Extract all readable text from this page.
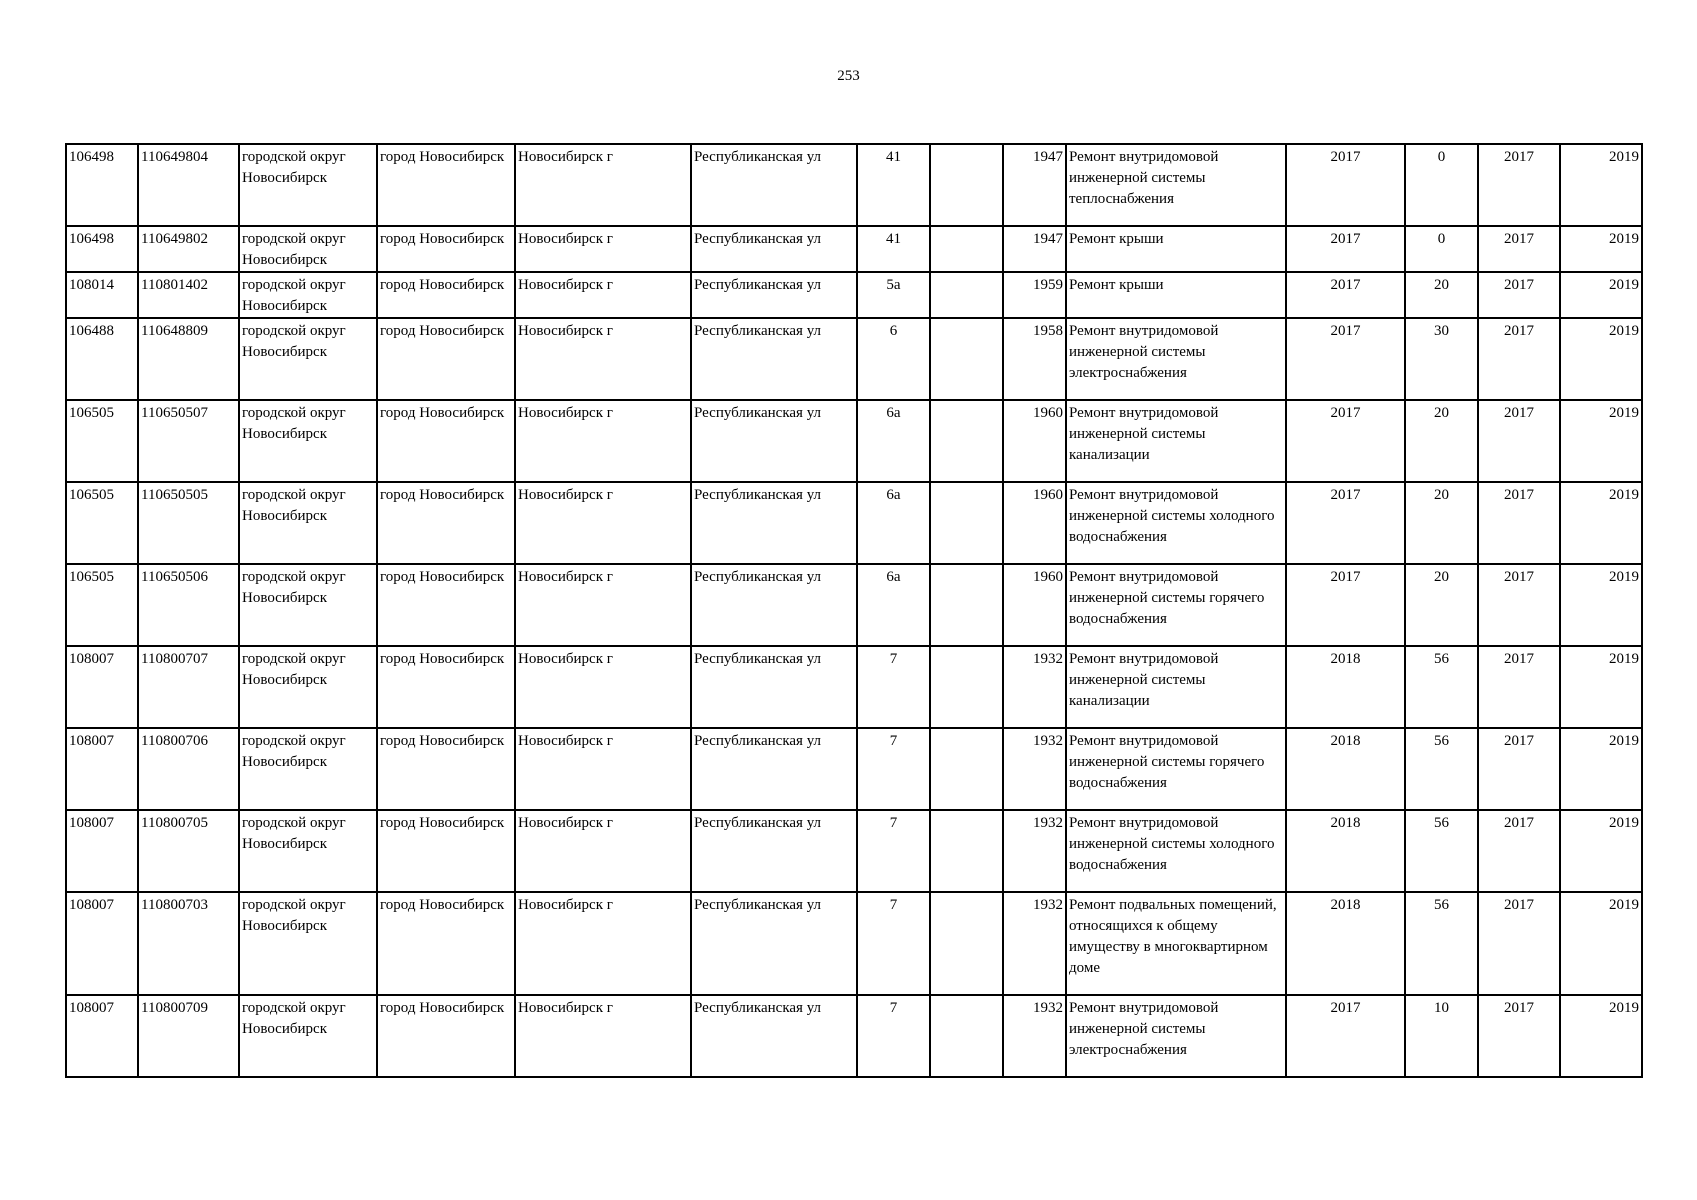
253
106498	110649804	городской округ Новосибирск	город Новосибирск	Новосибирск г	Республиканская ул	41		1947	Ремонт внутридомовой инженерной системы теплоснабжения	2017	0	2017	2019
106498	110649802	городской округ Новосибирск	город Новосибирск	Новосибирск г	Республиканская ул	41		1947	Ремонт крыши	2017	0	2017	2019
108014	110801402	городской округ Новосибирск	город Новосибирск	Новосибирск г	Республиканская ул	5а		1959	Ремонт крыши	2017	20	2017	2019
106488	110648809	городской округ Новосибирск	город Новосибирск	Новосибирск г	Республиканская ул	6		1958	Ремонт внутридомовой инженерной системы электроснабжения	2017	30	2017	2019
106505	110650507	городской округ Новосибирск	город Новосибирск	Новосибирск г	Республиканская ул	6а		1960	Ремонт внутридомовой инженерной системы канализации	2017	20	2017	2019
106505	110650505	городской округ Новосибирск	город Новосибирск	Новосибирск г	Республиканская ул	6а		1960	Ремонт внутридомовой инженерной системы холодного водоснабжения	2017	20	2017	2019
106505	110650506	городской округ Новосибирск	город Новосибирск	Новосибирск г	Республиканская ул	6а		1960	Ремонт внутридомовой инженерной системы горячего водоснабжения	2017	20	2017	2019
108007	110800707	городской округ Новосибирск	город Новосибирск	Новосибирск г	Республиканская ул	7		1932	Ремонт внутридомовой инженерной системы канализации	2018	56	2017	2019
108007	110800706	городской округ Новосибирск	город Новосибирск	Новосибирск г	Республиканская ул	7		1932	Ремонт внутридомовой инженерной системы горячего водоснабжения	2018	56	2017	2019
108007	110800705	городской округ Новосибирск	город Новосибирск	Новосибирск г	Республиканская ул	7		1932	Ремонт внутридомовой инженерной системы холодного водоснабжения	2018	56	2017	2019
108007	110800703	городской округ Новосибирск	город Новосибирск	Новосибирск г	Республиканская ул	7		1932	Ремонт подвальных помещений, относящихся к общему имуществу в многоквартирном доме	2018	56	2017	2019
108007	110800709	городской округ Новосибирск	город Новосибирск	Новосибирск г	Республиканская ул	7		1932	Ремонт внутридомовой инженерной системы электроснабжения	2017	10	2017	2019
